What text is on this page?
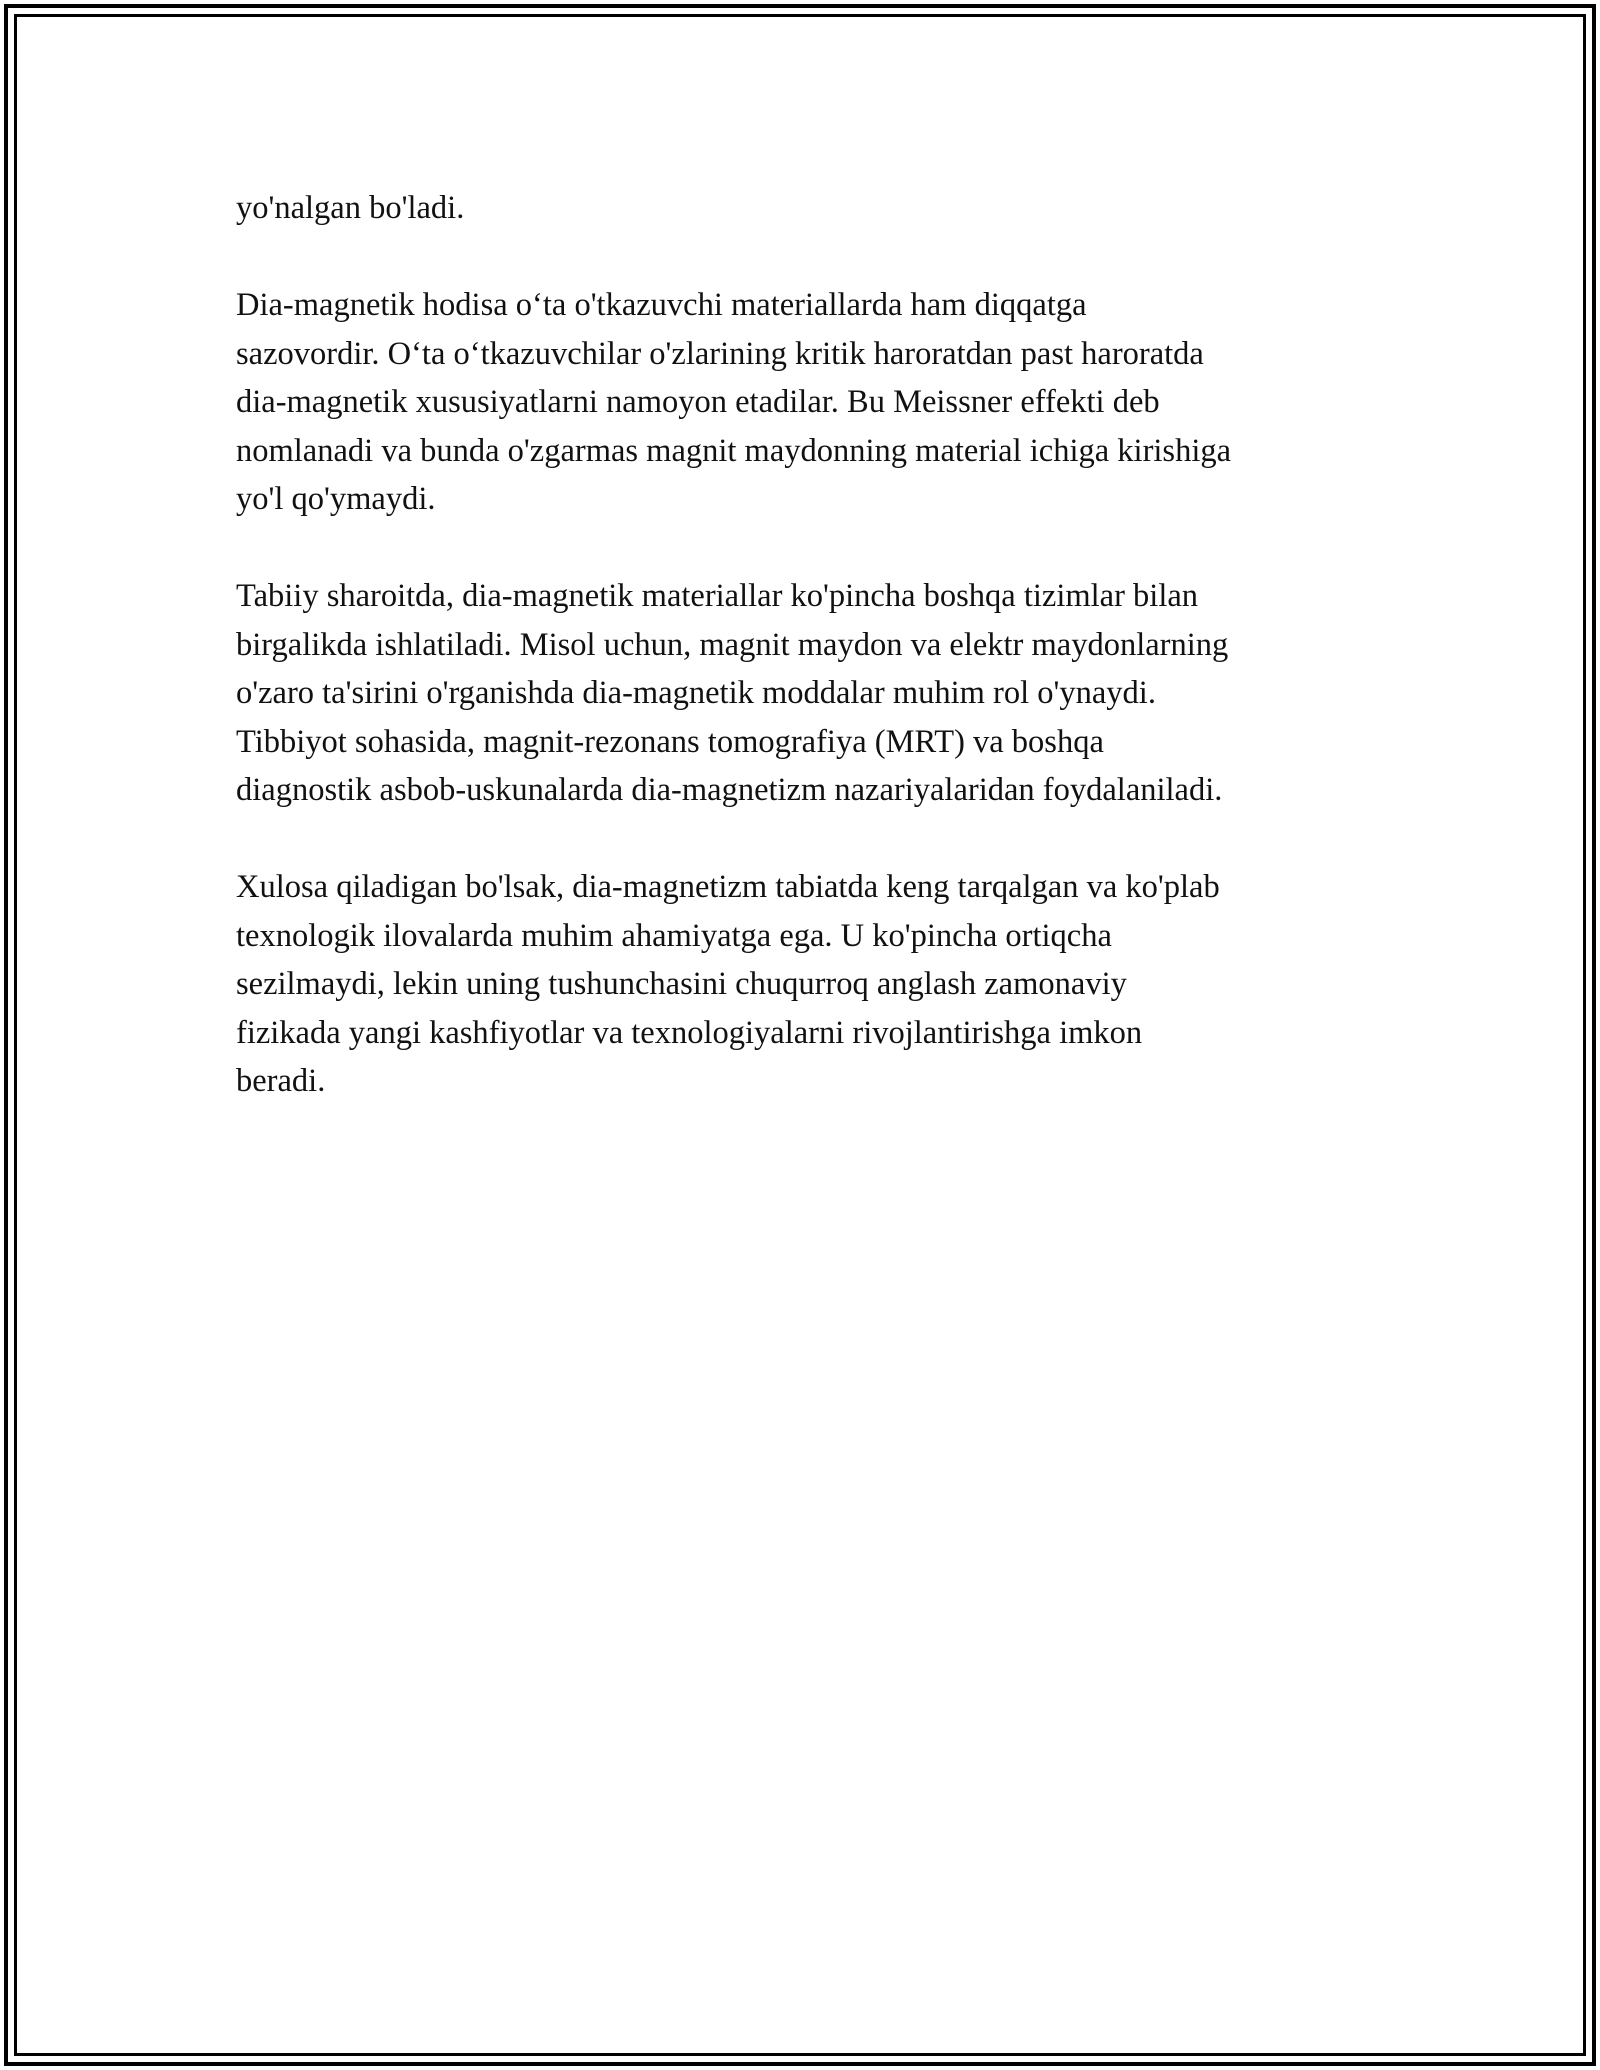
yo'nalgan bo'ladi.

Dia-magnetik hodisa o‘ta o'tkazuvchi materiallarda ham diqqatga
sazovordir. O‘ta o‘tkazuvchilar o'zlarining kritik haroratdan past haroratda
dia-magnetik xususiyatlarni namoyon etadilar. Bu Meissner effekti deb
nomlanadi va bunda o'zgarmas magnit maydonning material ichiga kirishiga
yo'l qo'ymaydi.

Tabiiy sharoitda, dia-magnetik materiallar ko'pincha boshqa tizimlar bilan
birgalikda ishlatiladi. Misol uchun, magnit maydon va elektr maydonlarning
o'zaro ta'sirini o'rganishda dia-magnetik moddalar muhim rol o'ynaydi.
Tibbiyot sohasida, magnit-rezonans tomografiya (MRT) va boshqa
diagnostik asbob-uskunalarda dia-magnetizm nazariyalaridan foydalaniladi.

Xulosa qiladigan bo'lsak, dia-magnetizm tabiatda keng tarqalgan va ko'plab
texnologik ilovalarda muhim ahamiyatga ega. U ko'pincha ortiqcha
sezilmaydi, lekin uning tushunchasini chuqurroq anglash zamonaviy
fizikada yangi kashfiyotlar va texnologiyalarni rivojlantirishga imkon
beradi.
